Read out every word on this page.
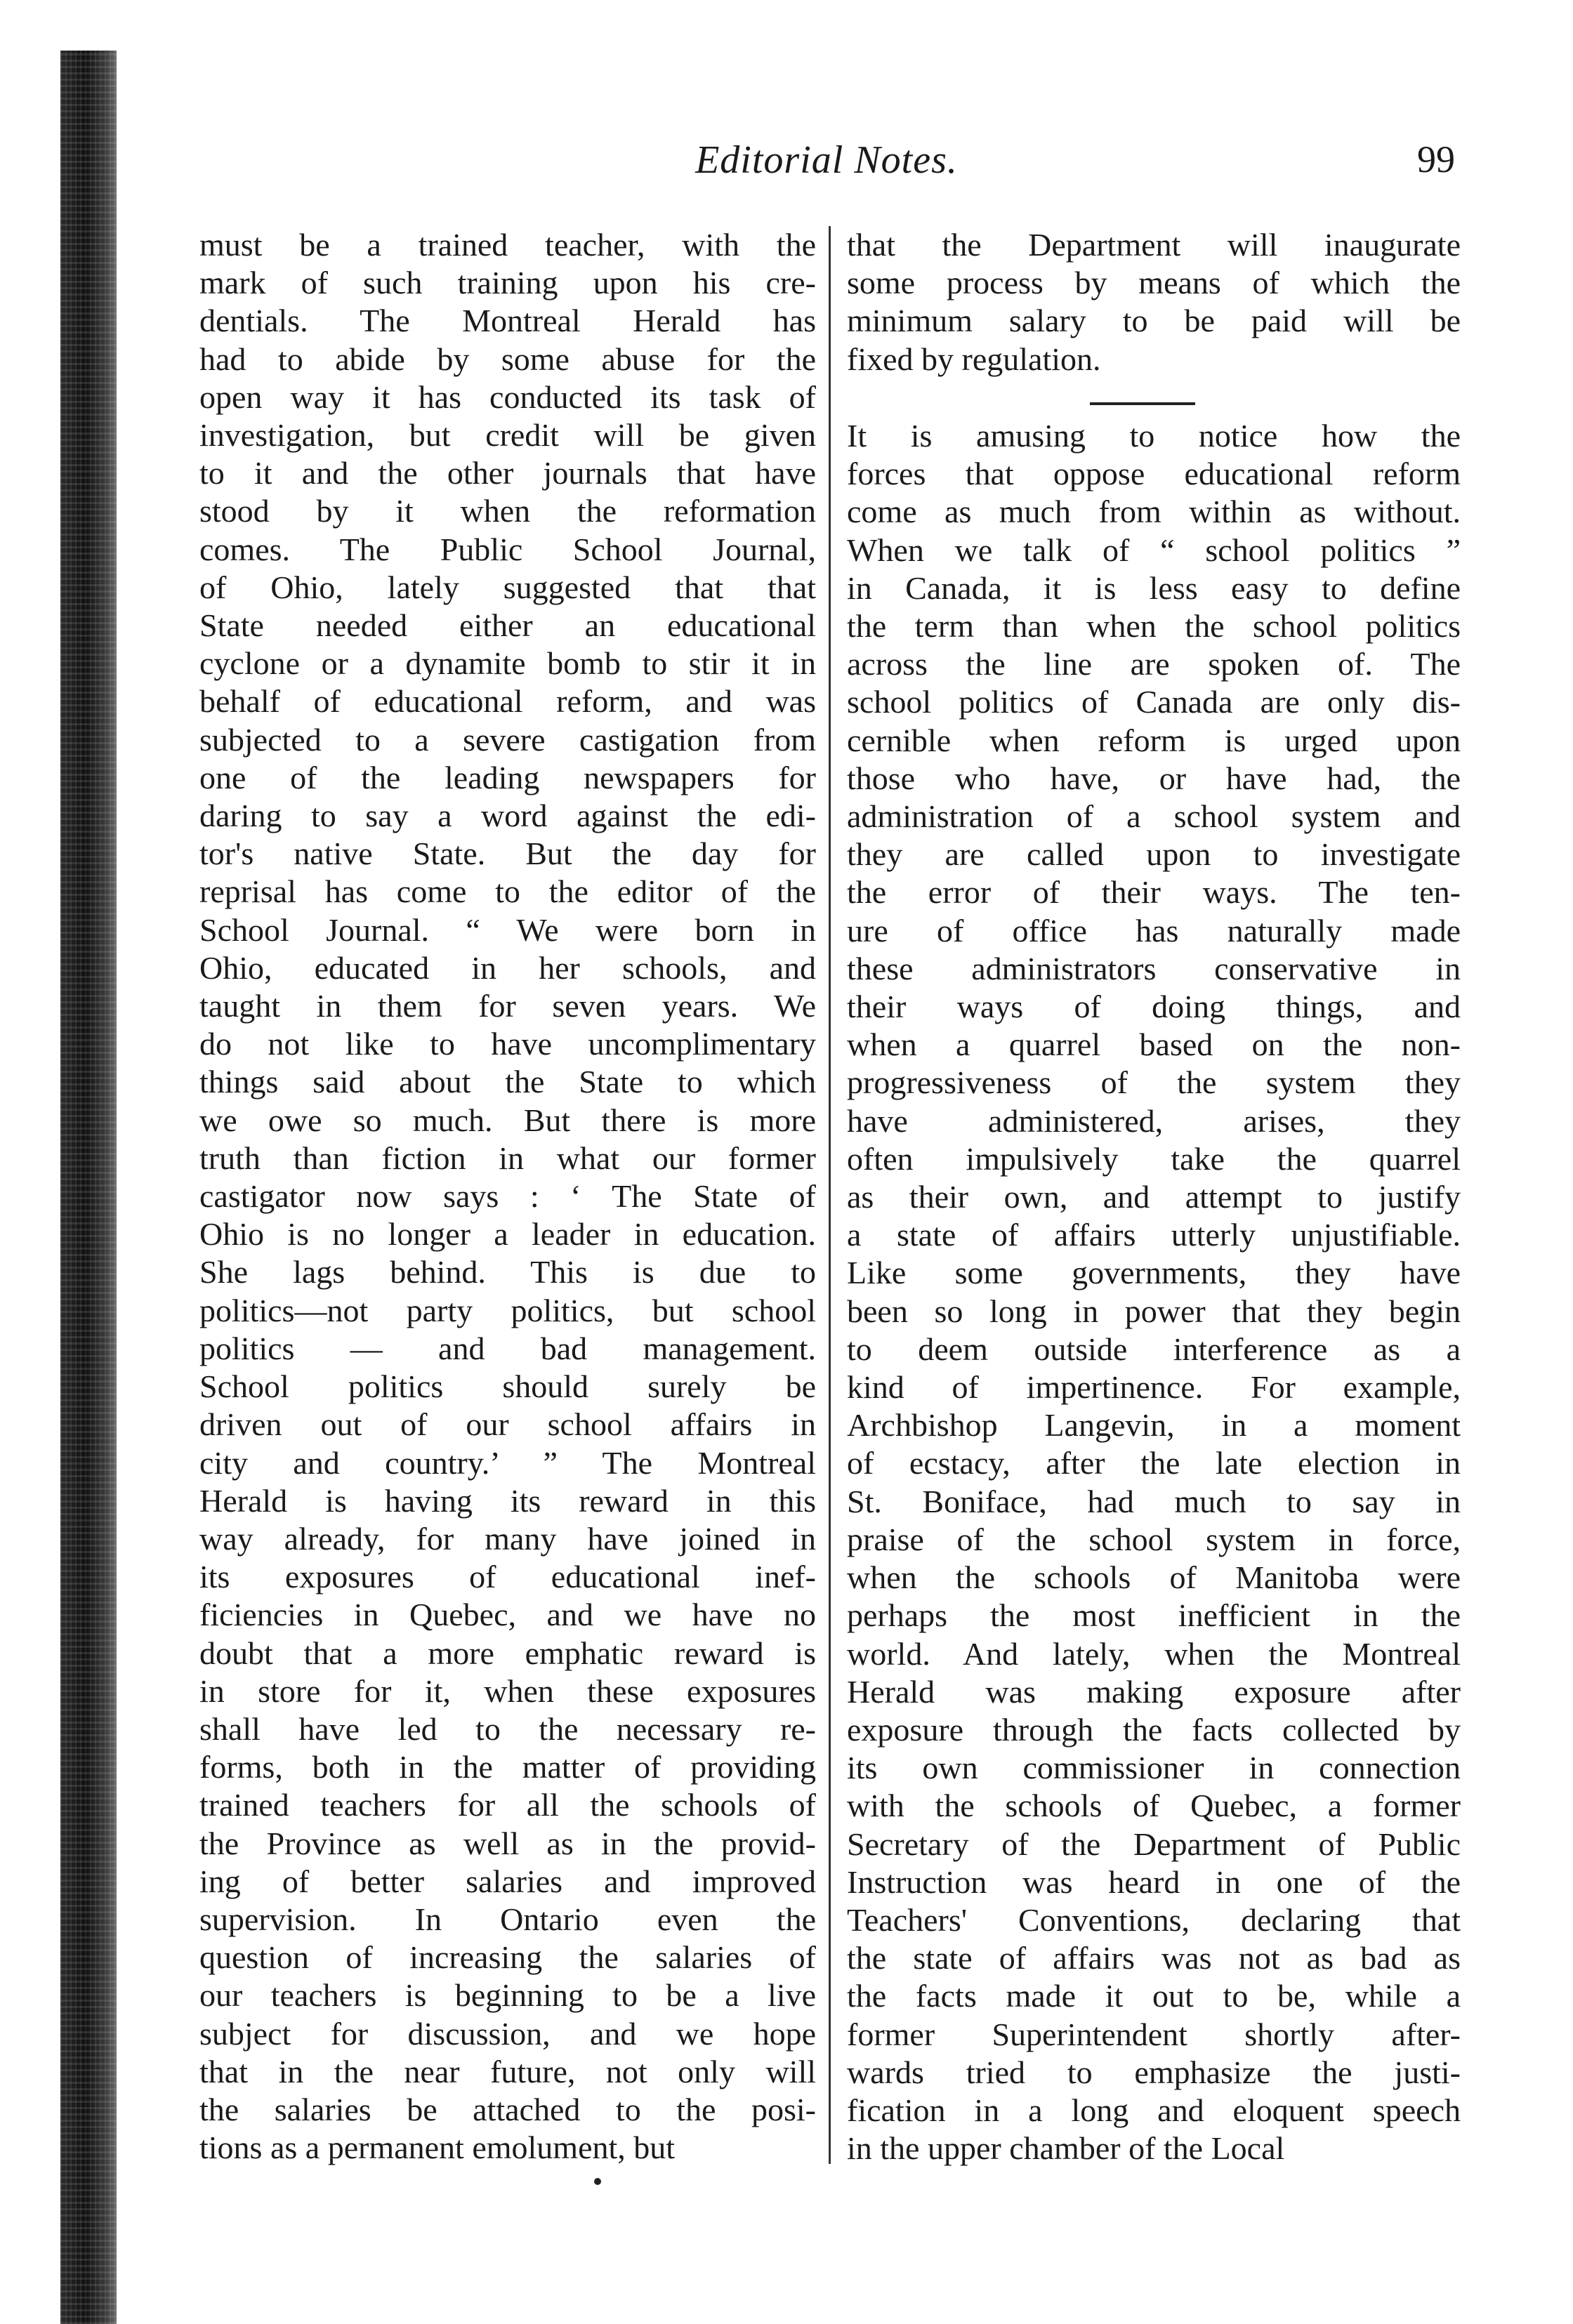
Editorial Notes.	99
must be a trained teacher, with the
mark of such training upon his cre-
dentials. The Montreal Herald has
had to abide by some abuse for the
open way it has conducted its task of
investigation, but credit will be given
to it and the other journals that have
stood by it when the reformation
comes. The Public School Journal,
of Ohio, lately suggested that that
State needed either an educational
cyclone or a dynamite bomb to stir it in
behalf of educational reform, and was
subjected to a severe castigation from
one of the leading newspapers for
daring to say a word against the edi-
tor's native State. But the day for
reprisal has come to the editor of the
School Journal. “ We were born in
Ohio, educated in her schools, and
taught in them for seven years. We
do not like to have uncomplimentary
things said about the State to which
we owe so much. But there is more
truth than fiction in what our former
castigator now says : ‘ The State of
Ohio is no longer a leader in education.
She lags behind. This is due to
politics—not party politics, but school
politics — and bad management.
School politics should surely be
driven out of our school affairs in
city and country.’ ” The Montreal
Herald is having its reward in this
way already, for many have joined in
its exposures of educational inef-
ficiencies in Quebec, and we have no
doubt that a more emphatic reward is
in store for it, when these exposures
shall have led to the necessary re-
forms, both in the matter of providing
trained teachers for all the schools of
the Province as well as in the provid-
ing of better salaries and improved
supervision. In Ontario even the
question of increasing the salaries of
our teachers is beginning to be a live
subject for discussion, and we hope
that in the near future, not only will
the salaries be attached to the posi-
tions as a permanent emolument, but
that the Department will inaugurate
some process by means of which the
minimum salary to be paid will be
fixed by regulation.
It is amusing to notice how the
forces that oppose educational reform
come as much from within as without.
When we talk of “ school politics ”
in Canada, it is less easy to define
the term than when the school politics
across the line are spoken of. The
school politics of Canada are only dis-
cernible when reform is urged upon
those who have, or have had, the
administration of a school system and
they are called upon to investigate
the error of their ways. The ten-
ure of office has naturally made
these administrators conservative in
their ways of doing things, and
when a quarrel based on the non-
progressiveness of the system they
have administered, arises, they
often impulsively take the quarrel
as their own, and attempt to justify
a state of affairs utterly unjustifiable.
Like some governments, they have
been so long in power that they begin
to deem outside interference as a
kind of impertinence. For example,
Archbishop Langevin, in a moment
of ecstacy, after the late election in
St. Boniface, had much to say in
praise of the school system in force,
when the schools of Manitoba were
perhaps the most inefficient in the
world. And lately, when the Montreal
Herald was making exposure after
exposure through the facts collected by
its own commissioner in connection
with the schools of Quebec, a former
Secretary of the Department of Public
Instruction was heard in one of the
Teachers' Conventions, declaring that
the state of affairs was not as bad as
the facts made it out to be, while a
former Superintendent shortly after-
wards tried to emphasize the justi-
fication in a long and eloquent speech
in the upper chamber of the Local
